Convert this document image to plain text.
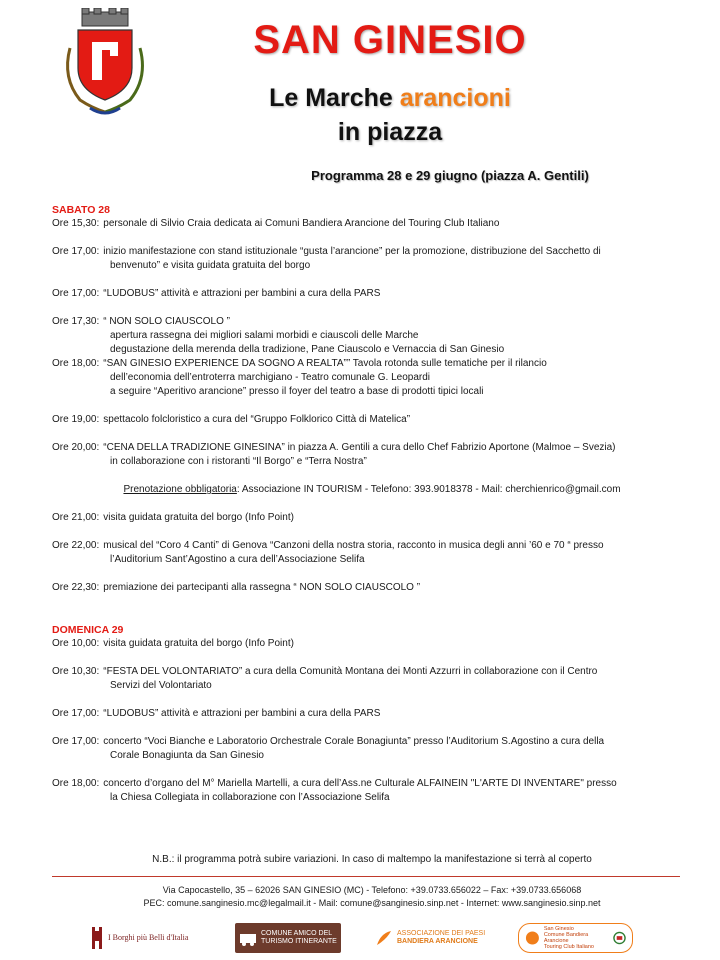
SAN GINESIO
Le Marche arancioni
in piazza
Programma 28 e 29 giugno (piazza A. Gentili)

SABATO 28

Ore 15,30: personale di Silvio Craia dedicata ai Comuni Bandiera Arancione del Touring Club Italiano
Ore 17,00: inizio manifestazione con stand istituzionale “gusta l’arancione” per la promozione, distribuzione del Sacchetto di

benvenuto” e visita guidata gratuita del borgo

Ore 17,00: “LUDOBUS” attività e attrazioni per bambini a cura della PARS
Ore 17,30: “ NON SOLO CIAUSCOLO ”

apertura rassegna dei migliori salami morbidi e ciauscoli delle Marche

degustazione della merenda della tradizione, Pane Ciauscolo e Vernaccia di San Ginesio

Ore 18,00: “SAN GINESIO EXPERIENCE DA SOGNO A REALTA”” Tavola rotonda sulle tematiche per il rilancio

dell’economia dell’entroterra marchigiano - Teatro comunale G. Leopardi

a seguire “Aperitivo arancione” presso il foyer del teatro a base di prodotti tipici locali

Ore 19,00: spettacolo folcloristico a cura del “Gruppo Folklorico Città di Matelica”
Ore 20,00: “CENA DELLA TRADIZIONE GINESINA” in piazza A. Gentili a cura dello Chef Fabrizio Aportone (Malmoe – Svezia)

in collaborazione con i ristoranti “Il Borgo” e “Terra Nostra”

Prenotazione obbligatoria: Associazione IN TOURISM - Telefono: 393.9018378 - Mail: cherchienrico@gmail.com

Ore 21,00: visita guidata gratuita del borgo (Info Point)
Ore 22,00: musical del “Coro 4 Canti” di Genova “Canzoni della nostra storia, racconto in musica degli anni ’60 e 70 “ presso

l’Auditorium Sant’Agostino a cura dell’Associazione Selifa

Ore 22,30: premiazione dei partecipanti alla rassegna “ NON SOLO CIAUSCOLO ”

DOMENICA 29

Ore 10,00: visita guidata gratuita del borgo (Info Point)
Ore 10,30: “FESTA DEL VOLONTARIATO” a cura della Comunità Montana dei Monti Azzurri in collaborazione con il Centro

Servizi del Volontariato

Ore 17,00: “LUDOBUS” attività e attrazioni per bambini a cura della PARS
Ore 17,00: concerto “Voci Bianche e Laboratorio Orchestrale Corale Bonagiunta” presso l’Auditorium S.Agostino a cura della

Corale Bonagiunta da San Ginesio

Ore 18,00: concerto d’organo del M° Mariella Martelli, a cura dell’Ass.ne Culturale ALFAINEIN "L'ARTE DI INVENTARE" presso

la Chiesa Collegiata in collaborazione con l’Associazione Selifa

N.B.: il programma potrà subire variazioni. In caso di maltempo la manifestazione si terrà al coperto
Via Capocastello, 35 – 62026 SAN GINESIO (MC) - Telefono: +39.0733.656022 – Fax: +39.0733.656068
PEC: comune.sanginesio.mc@legalmail.it - Mail: comune@sanginesio.sinp.net - Internet: www.sanginesio.sinp.net
I Borghi più Belli d'Italia	COMUNE AMICO DEL
TURISMO ITINERANTE
ASSOCIAZIONE DEI PAESI
BANDIERA ARANCIONE
San Ginesio
Comune Bandiera Arancione
Touring Club Italiano
